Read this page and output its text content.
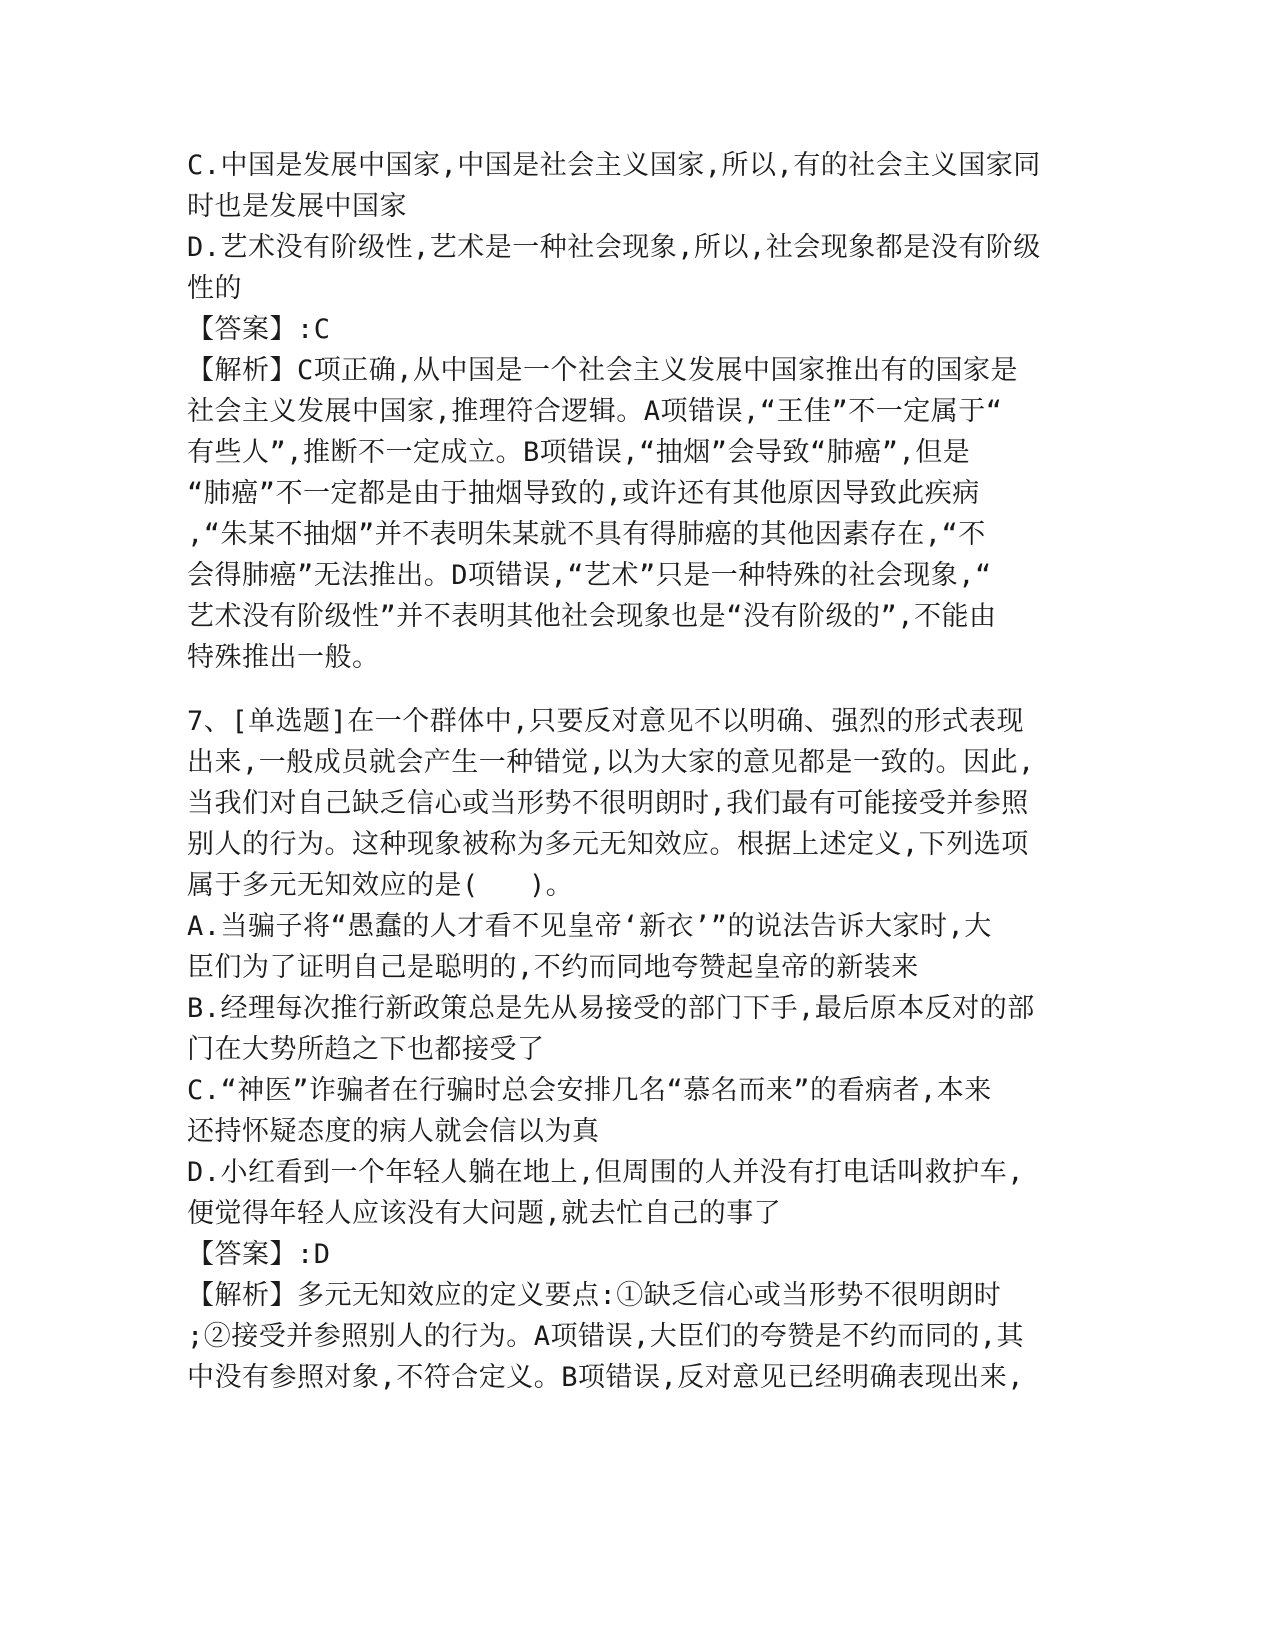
C.中国是发展中国家,中国是社会主义国家,所以,有的社会主义国家同
时也是发展中国家
D.艺术没有阶级性,艺术是一种社会现象,所以,社会现象都是没有阶级
性的
【答案】:C
【解析】C项正确,从中国是一个社会主义发展中国家推出有的国家是
社会主义发展中国家,推理符合逻辑。A项错误,“王佳”不一定属于“
有些人”,推断不一定成立。B项错误,“抽烟”会导致“肺癌”,但是
“肺癌”不一定都是由于抽烟导致的,或许还有其他原因导致此疾病
,“朱某不抽烟”并不表明朱某就不具有得肺癌的其他因素存在,“不
会得肺癌”无法推出。D项错误,“艺术”只是一种特殊的社会现象,“
艺术没有阶级性”并不表明其他社会现象也是“没有阶级的”,不能由
特殊推出一般。
7、[单选题]在一个群体中,只要反对意见不以明确、强烈的形式表现
出来,一般成员就会产生一种错觉,以为大家的意见都是一致的。因此,
当我们对自己缺乏信心或当形势不很明朗时,我们最有可能接受并参照
别人的行为。这种现象被称为多元无知效应。根据上述定义,下列选项
属于多元无知效应的是(   )。
A.当骗子将“愚蠢的人才看不见皇帝‘新衣’”的说法告诉大家时,大
臣们为了证明自己是聪明的,不约而同地夸赞起皇帝的新装来
B.经理每次推行新政策总是先从易接受的部门下手,最后原本反对的部
门在大势所趋之下也都接受了
C.“神医”诈骗者在行骗时总会安排几名“慕名而来”的看病者,本来
还持怀疑态度的病人就会信以为真
D.小红看到一个年轻人躺在地上,但周围的人并没有打电话叫救护车,
便觉得年轻人应该没有大问题,就去忙自己的事了
【答案】:D
【解析】多元无知效应的定义要点:①缺乏信心或当形势不很明朗时
;②接受并参照别人的行为。A项错误,大臣们的夸赞是不约而同的,其
中没有参照对象,不符合定义。B项错误,反对意见已经明确表现出来,
